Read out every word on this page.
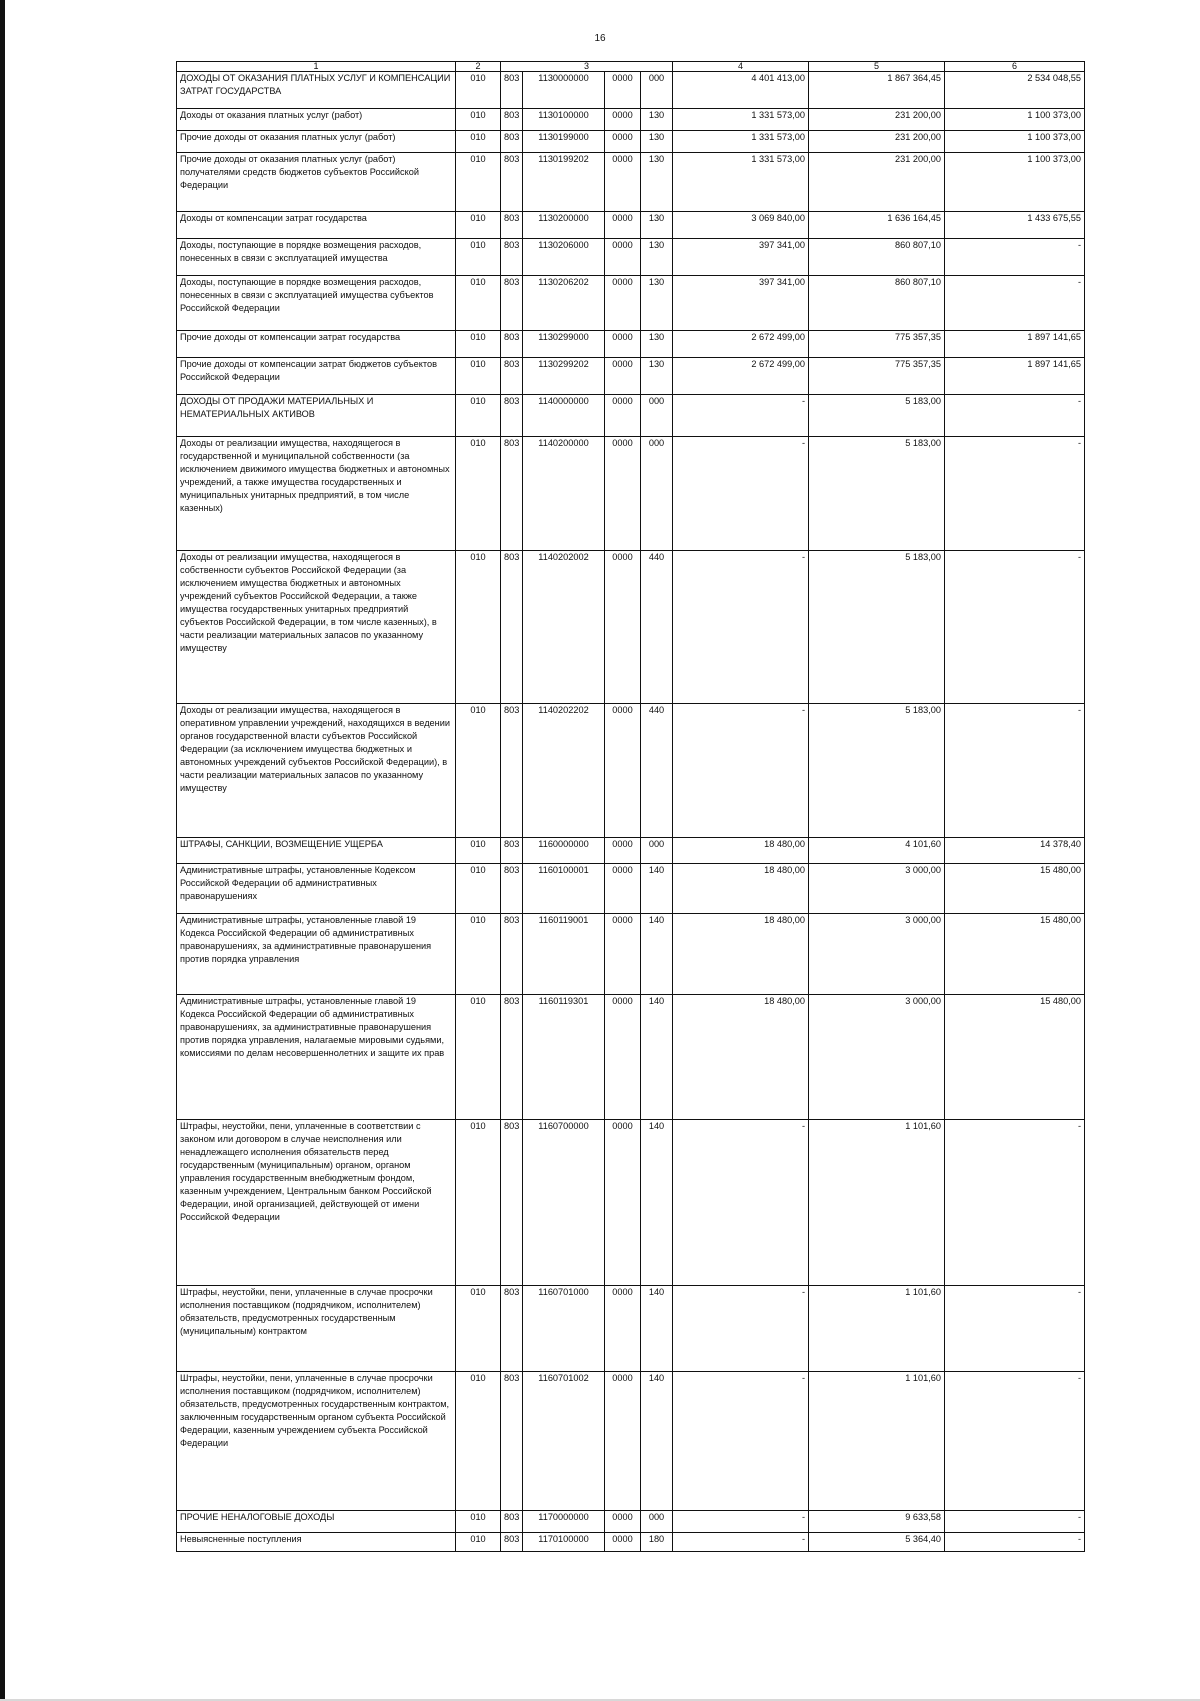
16
1	2	3				4	5	6
ДОХОДЫ ОТ ОКАЗАНИЯ ПЛАТНЫХ УСЛУГ И КОМПЕНСАЦИИ ЗАТРАТ ГОСУДАРСТВА	010	803	1130000000	0000	000	4 401 413,00	1 867 364,45	2 534 048,55
Доходы от оказания платных услуг (работ)	010	803	1130100000	0000	130	1 331 573,00	231 200,00	1 100 373,00
Прочие доходы от оказания платных услуг (работ)	010	803	1130199000	0000	130	1 331 573,00	231 200,00	1 100 373,00
Прочие доходы от оказания платных услуг (работ) получателями средств бюджетов субъектов Российской Федерации	010	803	1130199202	0000	130	1 331 573,00	231 200,00	1 100 373,00
Доходы от компенсации затрат государства	010	803	1130200000	0000	130	3 069 840,00	1 636 164,45	1 433 675,55
Доходы, поступающие в порядке возмещения расходов, понесенных в связи с эксплуатацией имущества	010	803	1130206000	0000	130	397 341,00	860 807,10	-
Доходы, поступающие в порядке возмещения расходов, понесенных в связи с эксплуатацией имущества субъектов Российской Федерации	010	803	1130206202	0000	130	397 341,00	860 807,10	-
Прочие доходы от компенсации затрат государства	010	803	1130299000	0000	130	2 672 499,00	775 357,35	1 897 141,65
Прочие доходы от компенсации затрат бюджетов субъектов Российской Федерации	010	803	1130299202	0000	130	2 672 499,00	775 357,35	1 897 141,65
ДОХОДЫ ОТ ПРОДАЖИ МАТЕРИАЛЬНЫХ И НЕМАТЕРИАЛЬНЫХ АКТИВОВ	010	803	1140000000	0000	000	-	5 183,00	-
Доходы от реализации имущества, находящегося в государственной и муниципальной собственности (за исключением движимого имущества бюджетных и автономных учреждений, а также имущества государственных и муниципальных унитарных предприятий, в том числе казенных)	010	803	1140200000	0000	000	-	5 183,00	-
Доходы от реализации имущества, находящегося в собственности субъектов Российской Федерации (за исключением имущества бюджетных и автономных учреждений субъектов Российской Федерации, а также имущества государственных унитарных предприятий субъектов Российской Федерации, в том числе казенных), в части реализации материальных запасов по указанному имуществу	010	803	1140202002	0000	440	-	5 183,00	-
Доходы от реализации имущества, находящегося в оперативном управлении учреждений, находящихся в ведении органов государственной власти субъектов Российской Федерации (за исключением имущества бюджетных и автономных учреждений субъектов Российской Федерации), в части реализации материальных запасов по указанному имуществу	010	803	1140202202	0000	440	-	5 183,00	-
ШТРАФЫ, САНКЦИИ, ВОЗМЕЩЕНИЕ УЩЕРБА	010	803	1160000000	0000	000	18 480,00	4 101,60	14 378,40
Административные штрафы, установленные Кодексом Российской Федерации об административных правонарушениях	010	803	1160100001	0000	140	18 480,00	3 000,00	15 480,00
Административные штрафы, установленные главой 19 Кодекса Российской Федерации об административных правонарушениях, за административные правонарушения против порядка управления	010	803	1160119001	0000	140	18 480,00	3 000,00	15 480,00
Административные штрафы, установленные главой 19 Кодекса Российской Федерации об административных правонарушениях, за административные правонарушения против порядка управления, налагаемые мировыми судьями, комиссиями по делам несовершеннолетних и защите их прав	010	803	1160119301	0000	140	18 480,00	3 000,00	15 480,00
Штрафы, неустойки, пени, уплаченные в соответствии с законом или договором в случае неисполнения или ненадлежащего исполнения обязательств перед государственным (муниципальным) органом, органом управления государственным внебюджетным фондом, казенным учреждением, Центральным банком Российской Федерации, иной организацией, действующей от имени Российской Федерации	010	803	1160700000	0000	140	-	1 101,60	-
Штрафы, неустойки, пени, уплаченные в случае просрочки исполнения поставщиком (подрядчиком, исполнителем) обязательств, предусмотренных государственным (муниципальным) контрактом	010	803	1160701000	0000	140	-	1 101,60	-
Штрафы, неустойки, пени, уплаченные в случае просрочки исполнения поставщиком (подрядчиком, исполнителем) обязательств, предусмотренных государственным контрактом, заключенным государственным органом субъекта Российской Федерации, казенным учреждением субъекта Российской Федерации	010	803	1160701002	0000	140	-	1 101,60	-
ПРОЧИЕ НЕНАЛОГОВЫЕ ДОХОДЫ	010	803	1170000000	0000	000	-	9 633,58	-
Невыясненные поступления	010	803	1170100000	0000	180	-	5 364,40	-
